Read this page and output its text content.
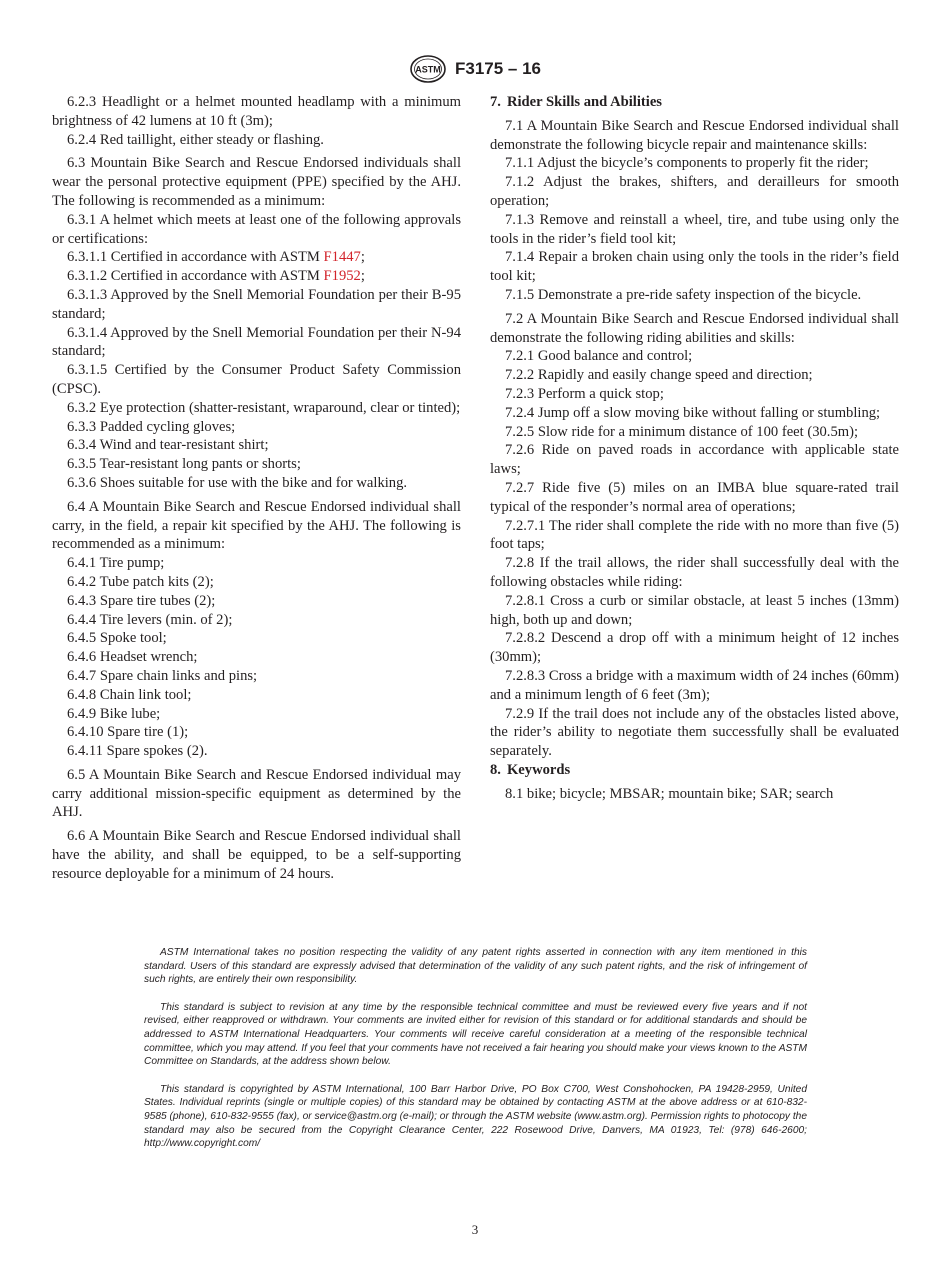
ASTM F3175 – 16

6.2.3 Headlight or a helmet mounted headlamp with a minimum brightness of 42 lumens at 10 ft (3m);

6.2.4 Red taillight, either steady or flashing.

6.3 Mountain Bike Search and Rescue Endorsed individuals shall wear the personal protective equipment (PPE) specified by the AHJ. The following is recommended as a minimum:

6.3.1 A helmet which meets at least one of the following approvals or certifications:

6.3.1.1 Certified in accordance with ASTM F1447;

6.3.1.2 Certified in accordance with ASTM F1952;

6.3.1.3 Approved by the Snell Memorial Foundation per their B-95 standard;

6.3.1.4 Approved by the Snell Memorial Foundation per their N-94 standard;

6.3.1.5 Certified by the Consumer Product Safety Commission (CPSC).

6.3.2 Eye protection (shatter-resistant, wraparound, clear or tinted);

6.3.3 Padded cycling gloves;

6.3.4 Wind and tear-resistant shirt;

6.3.5 Tear-resistant long pants or shorts;

6.3.6 Shoes suitable for use with the bike and for walking.

6.4 A Mountain Bike Search and Rescue Endorsed individual shall carry, in the field, a repair kit specified by the AHJ. The following is recommended as a minimum:

6.4.1 Tire pump;

6.4.2 Tube patch kits (2);

6.4.3 Spare tire tubes (2);

6.4.4 Tire levers (min. of 2);

6.4.5 Spoke tool;

6.4.6 Headset wrench;

6.4.7 Spare chain links and pins;

6.4.8 Chain link tool;

6.4.9 Bike lube;

6.4.10 Spare tire (1);

6.4.11 Spare spokes (2).

6.5 A Mountain Bike Search and Rescue Endorsed individual may carry additional mission-specific equipment as determined by the AHJ.

6.6 A Mountain Bike Search and Rescue Endorsed individual shall have the ability, and shall be equipped, to be a self-supporting resource deployable for a minimum of 24 hours.

7. Rider Skills and Abilities

7.1 A Mountain Bike Search and Rescue Endorsed individual shall demonstrate the following bicycle repair and maintenance skills:

7.1.1 Adjust the bicycle’s components to properly fit the rider;

7.1.2 Adjust the brakes, shifters, and derailleurs for smooth operation;

7.1.3 Remove and reinstall a wheel, tire, and tube using only the tools in the rider’s field tool kit;

7.1.4 Repair a broken chain using only the tools in the rider’s field tool kit;

7.1.5 Demonstrate a pre-ride safety inspection of the bicycle.

7.2 A Mountain Bike Search and Rescue Endorsed individual shall demonstrate the following riding abilities and skills:

7.2.1 Good balance and control;

7.2.2 Rapidly and easily change speed and direction;

7.2.3 Perform a quick stop;

7.2.4 Jump off a slow moving bike without falling or stumbling;

7.2.5 Slow ride for a minimum distance of 100 feet (30.5m);

7.2.6 Ride on paved roads in accordance with applicable state laws;

7.2.7 Ride five (5) miles on an IMBA blue square-rated trail typical of the responder’s normal area of operations;

7.2.7.1 The rider shall complete the ride with no more than five (5) foot taps;

7.2.8 If the trail allows, the rider shall successfully deal with the following obstacles while riding:

7.2.8.1 Cross a curb or similar obstacle, at least 5 inches (13mm) high, both up and down;

7.2.8.2 Descend a drop off with a minimum height of 12 inches (30mm);

7.2.8.3 Cross a bridge with a maximum width of 24 inches (60mm) and a minimum length of 6 feet (3m);

7.2.9 If the trail does not include any of the obstacles listed above, the rider’s ability to negotiate them successfully shall be evaluated separately.

8. Keywords

8.1 bike; bicycle; MBSAR; mountain bike; SAR; search

ASTM International takes no position respecting the validity of any patent rights asserted in connection with any item mentioned in this standard. Users of this standard are expressly advised that determination of the validity of any such patent rights, and the risk of infringement of such rights, are entirely their own responsibility.

This standard is subject to revision at any time by the responsible technical committee and must be reviewed every five years and if not revised, either reapproved or withdrawn. Your comments are invited either for revision of this standard or for additional standards and should be addressed to ASTM International Headquarters. Your comments will receive careful consideration at a meeting of the responsible technical committee, which you may attend. If you feel that your comments have not received a fair hearing you should make your views known to the ASTM Committee on Standards, at the address shown below.

This standard is copyrighted by ASTM International, 100 Barr Harbor Drive, PO Box C700, West Conshohocken, PA 19428-2959, United States. Individual reprints (single or multiple copies) of this standard may be obtained by contacting ASTM at the above address or at 610-832-9585 (phone), 610-832-9555 (fax), or service@astm.org (e-mail); or through the ASTM website (www.astm.org). Permission rights to photocopy the standard may also be secured from the Copyright Clearance Center, 222 Rosewood Drive, Danvers, MA 01923, Tel: (978) 646-2600; http://www.copyright.com/

3
